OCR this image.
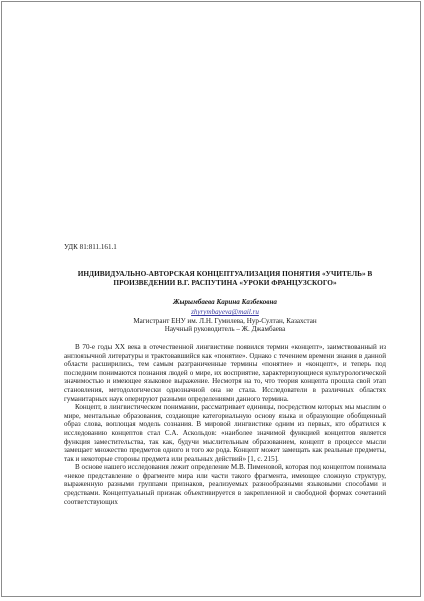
УДК 81:811.161.1

ИНДИВИДУАЛЬНО-АВТОРСКАЯ КОНЦЕПТУАЛИЗАЦИЯ ПОНЯТИЯ «УЧИТЕЛЬ» В ПРОИЗВЕДЕНИИ В.Г. РАСПУТИНА «УРОКИ ФРАНЦУЗСКОГО»

Жырымбаева Карина Казбековна

zhyrymbayeva@mail.ru

Магистрант ЕНУ им. Л.Н. Гумилева, Нур-Султан, Казахстан

Научный руководитель – Ж. Джамбаева

В 70-е годы XX века в отечественной лингвистике появился термин «концепт», заимствованный из англоязычной литературы и трактовавшийся как «понятие». Однако с течением времени знания в данной области расширились, тем самым разграниченные термины «понятие» и «концепт», и теперь под последним понимаются познания людей о мире, их восприятие, характеризующиеся культурологической значимостью и имеющее языковое выражение. Несмотря на то, что теория концепта прошла свой этап становления, методологически однозначной она не стала. Исследователи в различных областях гуманитарных наук оперируют разными определениями данного термина.

Концепт, в лингвистическом понимании, рассматривает единицы, посредством которых мы мыслим о мире, ментальные образования, создающие категориальную основу языка и образующие обобщенный образ слова, воплощая модель сознания. В мировой лингвистике одним из первых, кто обратился к исследованию концептов стал С.А. Аскольдов: «наиболее значимой функцией концептов является функция заместительства, так как, будучи мыслительным образованием, концепт в процессе мысли замещает множество предметов одного и того же рода. Концепт может замещать как реальные предметы, так и некоторые стороны предмета или реальных действий» [1, с. 215].

В основе нашего исследования лежит определение М.В. Пименовой, которая под концептом понимала «некое представление о фрагменте мира или части такого фрагмента, имеющее сложную структуру, выраженную разными группами признаков, реализуемых разнообразными языковыми способами и средствами. Концептуальный признак объективируется в закрепленной и свободной формах сочетаний соответствующих
